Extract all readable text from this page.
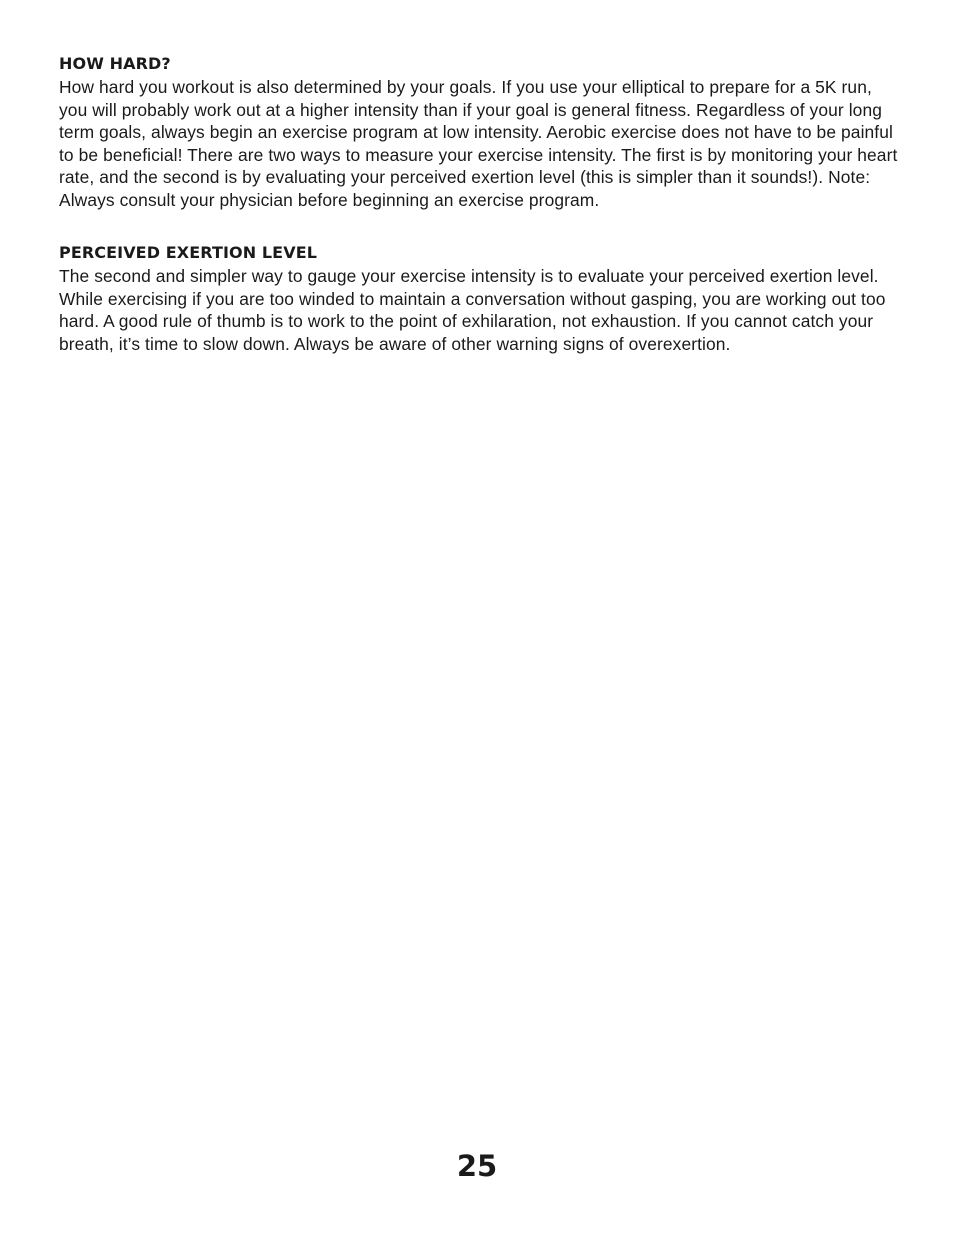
HOW HARD?

How hard you workout is also determined by your goals. If you use your elliptical to prepare for a 5K run, you will probably work out at a higher intensity than if your goal is general fitness. Regardless of your long term goals, always begin an exercise program at low intensity. Aerobic exercise does not have to be painful to be beneficial! There are two ways to measure your exercise intensity. The first is by monitoring your heart rate, and the second is by evaluating your perceived exertion level (this is simpler than it sounds!). Note: Always consult your physician before beginning an exercise program.

PERCEIVED EXERTION LEVEL

The second and simpler way to gauge your exercise intensity is to evaluate your perceived exertion level. While exercising if you are too winded to maintain a conversation without gasping, you are working out too hard. A good rule of thumb is to work to the point of exhilaration, not exhaustion. If you cannot catch your breath, it’s time to slow down. Always be aware of other warning signs of overexertion.

25
